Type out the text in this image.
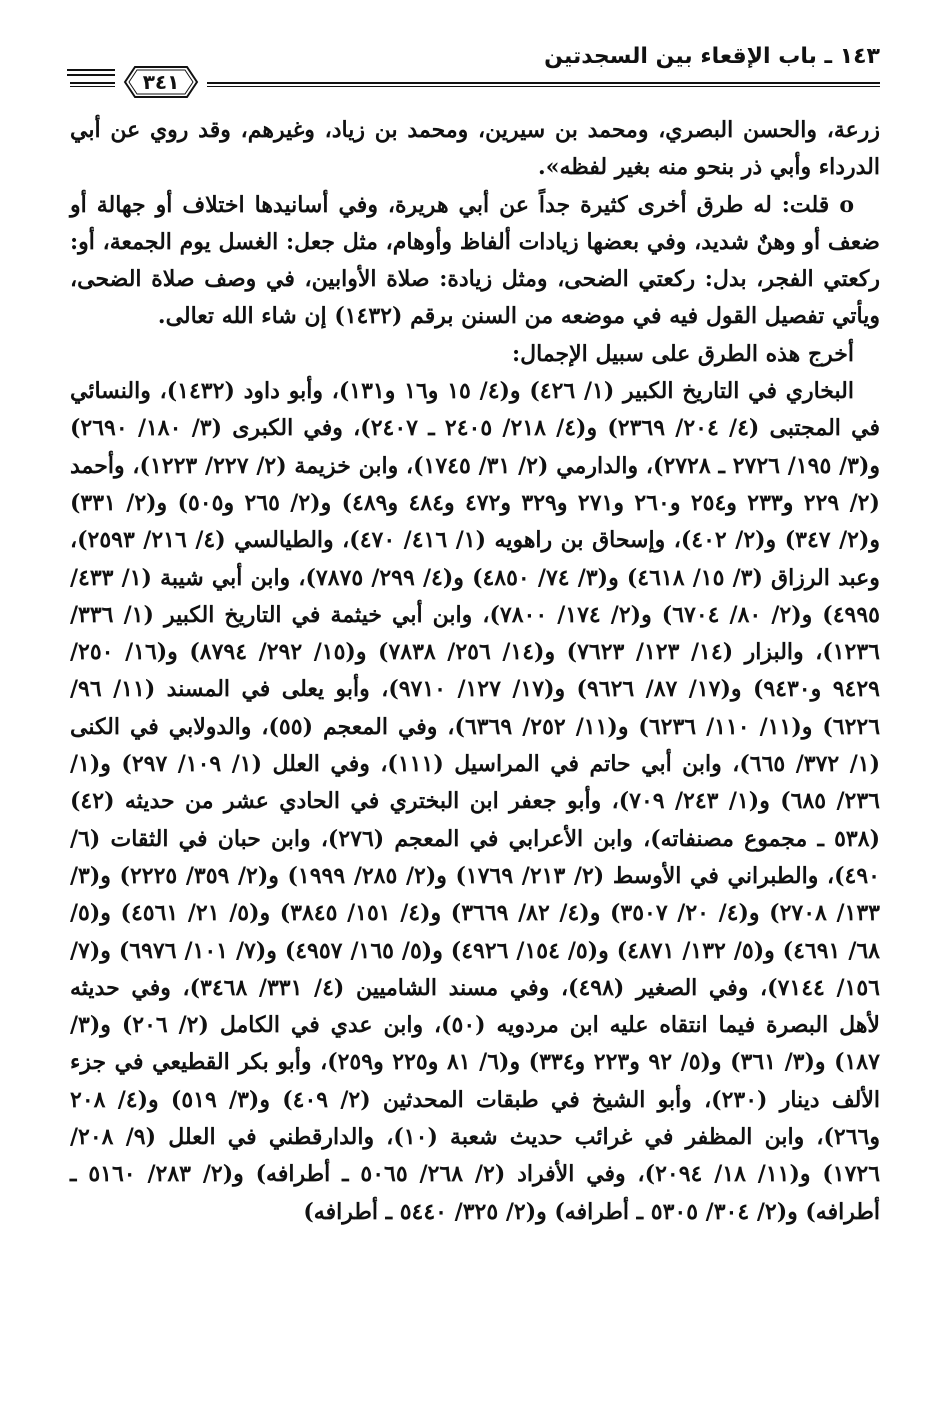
١٤٣ ـ باب الإقعاء بين السجدتين
٣٤١

زرعة، والحسن البصري، ومحمد بن سيرين، ومحمد بن زياد، وغيرهم، وقد روي عن أبي الدرداء وأبي ذر بنحو منه بغير لفظه».

o قلت: له طرق أخرى كثيرة جداً عن أبي هريرة، وفي أسانيدها اختلاف أو جهالة أو ضعف أو وهنٌ شديد، وفي بعضها زيادات ألفاظ وأوهام، مثل جعل: الغسل يوم الجمعة، أو: ركعتي الفجر، بدل: ركعتي الضحى، ومثل زيادة: صلاة الأوابين، في وصف صلاة الضحى، ويأتي تفصيل القول فيه في موضعه من السنن برقم (١٤٣٢) إن شاء الله تعالى.

أخرج هذه الطرق على سبيل الإجمال:

البخاري في التاريخ الكبير (١/ ٤٢٦) و(٤/ ١٥ و١٦ و١٣١)، وأبو داود (١٤٣٢)، والنسائي في المجتبى (٤/ ٢٠٤/ ٢٣٦٩) و(٤/ ٢١٨/ ٢٤٠٥ ـ ٢٤٠٧)، وفي الكبرى (٣/ ١٨٠/ ٢٦٩٠) و(٣/ ١٩٥/ ٢٧٢٦ ـ ٢٧٢٨)، والدارمي (٢/ ٣١/ ١٧٤٥)، وابن خزيمة (٢/ ٢٢٧/ ١٢٢٣)، وأحمد (٢/ ٢٢٩ و٢٣٣ و٢٥٤ و٢٦٠ و٢٧١ و٣٢٩ و٤٧٢ و٤٨٤ و٤٨٩) و(٢/ ٢٦٥ و٥٠٥) و(٢/ ٣٣١) و(٢/ ٣٤٧) و(٢/ ٤٠٢)، وإسحاق بن راهويه (١/ ٤١٦/ ٤٧٠)، والطيالسي (٤/ ٢١٦/ ٢٥٩٣)، وعبد الرزاق (٣/ ١٥/ ٤٦١٨) و(٣/ ٧٤/ ٤٨٥٠) و(٤/ ٢٩٩/ ٧٨٧٥)، وابن أبي شيبة (١/ ٤٣٣/ ٤٩٩٥) و(٢/ ٨٠/ ٦٧٠٤) و(٢/ ١٧٤/ ٧٨٠٠)، وابن أبي خيثمة في التاريخ الكبير (١/ ٣٣٦/ ١٢٣٦)، والبزار (١٤/ ١٢٣/ ٧٦٢٣) و(١٤/ ٢٥٦/ ٧٨٣٨) و(١٥/ ٢٩٢/ ٨٧٩٤) و(١٦/ ٢٥٠/ ٩٤٢٩ و٩٤٣٠) و(١٧/ ٨٧/ ٩٦٢٦) و(١٧/ ١٢٧/ ٩٧١٠)، وأبو يعلى في المسند (١١/ ٩٦/ ٦٢٢٦) و(١١/ ١١٠/ ٦٢٣٦) و(١١/ ٢٥٢/ ٦٣٦٩)، وفي المعجم (٥٥)، والدولابي في الكنى (١/ ٣٧٢/ ٦٦٥)، وابن أبي حاتم في المراسيل (١١١)، وفي العلل (١/ ١٠٩/ ٢٩٧) و(١/ ٢٣٦/ ٦٨٥) و(١/ ٢٤٣/ ٧٠٩)، وأبو جعفر ابن البختري في الحادي عشر من حديثه (٤٢) (٥٣٨ ـ مجموع مصنفاته)، وابن الأعرابي في المعجم (٢٧٦)، وابن حبان في الثقات (٦/ ٤٩٠)، والطبراني في الأوسط (٢/ ٢١٣/ ١٧٦٩) و(٢/ ٢٨٥/ ١٩٩٩) و(٢/ ٣٥٩/ ٢٢٢٥) و(٣/ ١٣٣/ ٢٧٠٨) و(٤/ ٢٠/ ٣٥٠٧) و(٤/ ٨٢/ ٣٦٦٩) و(٤/ ١٥١/ ٣٨٤٥) و(٥/ ٢١/ ٤٥٦١) و(٥/ ٦٨/ ٤٦٩١) و(٥/ ١٣٢/ ٤٨٧١) و(٥/ ١٥٤/ ٤٩٢٦) و(٥/ ١٦٥/ ٤٩٥٧) و(٧/ ١٠١/ ٦٩٧٦) و(٧/ ١٥٦/ ٧١٤٤)، وفي الصغير (٤٩٨)، وفي مسند الشاميين (٤/ ٣٣١/ ٣٤٦٨)، وفي حديثه لأهل البصرة فيما انتقاه عليه ابن مردويه (٥٠)، وابن عدي في الكامل (٢/ ٢٠٦) و(٣/ ١٨٧) و(٣/ ٣٦١) و(٥/ ٩٢ و٢٢٣ و٣٣٤) و(٦/ ٨١ و٢٢٥ و٢٥٩)، وأبو بكر القطيعي في جزء الألف دينار (٢٣٠)، وأبو الشيخ في طبقات المحدثين (٢/ ٤٠٩) و(٣/ ٥١٩) و(٤/ ٢٠٨ و٢٦٦)، وابن المظفر في غرائب حديث شعبة (١٠)، والدارقطني في العلل (٩/ ٢٠٨/ ١٧٢٦) و(١١/ ١٨/ ٢٠٩٤)، وفي الأفراد (٢/ ٢٦٨/ ٥٠٦٥ ـ أطرافه) و(٢/ ٢٨٣/ ٥١٦٠ ـ أطرافه) و(٢/ ٣٠٤/ ٥٣٠٥ ـ أطرافه) و(٢/ ٣٢٥/ ٥٤٤٠ ـ أطرافه)
